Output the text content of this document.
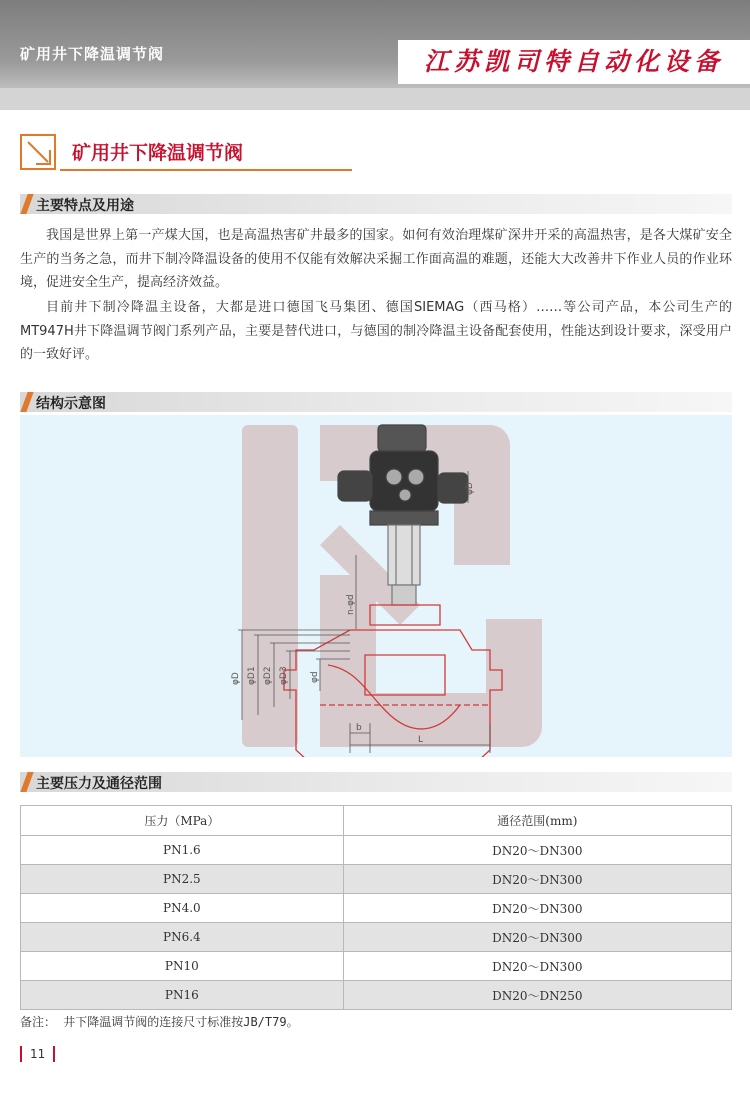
矿用井下降温调节阀	江苏凯司特自动化设备
矿用井下降温调节阀
主要特点及用途
我国是世界上第一产煤大国，也是高温热害矿井最多的国家。如何有效治理煤矿深井开采的高温热害，是各大煤矿安全生产的当务之急，而井下制冷降温设备的使用不仅能有效解决采掘工作面高温的难题，还能大大改善井下作业人员的作业环境，促进安全生产，提高经济效益。
目前井下制冷降温主设备，大都是进口德国飞马集团、德国SIEMAG（西马格）……等公司产品，本公司生产的MT947H井下降温调节阀门系列产品，主要是替代进口，与德国的制冷降温主设备配套使用，性能达到设计要求，深受用户的一致好评。
结构示意图
φD φD1 φD2 φD3 φd
n-φd
φD
b
L
主要压力及通径范围
压力（MPa）	通径范围(mm)
PN1.6	DN20～DN300
PN2.5	DN20～DN300
PN4.0	DN20～DN300
PN6.4	DN20～DN300
PN10	DN20～DN300
PN16	DN20～DN250
备注： 井下降温调节阀的连接尺寸标准按JB/T79。
11
